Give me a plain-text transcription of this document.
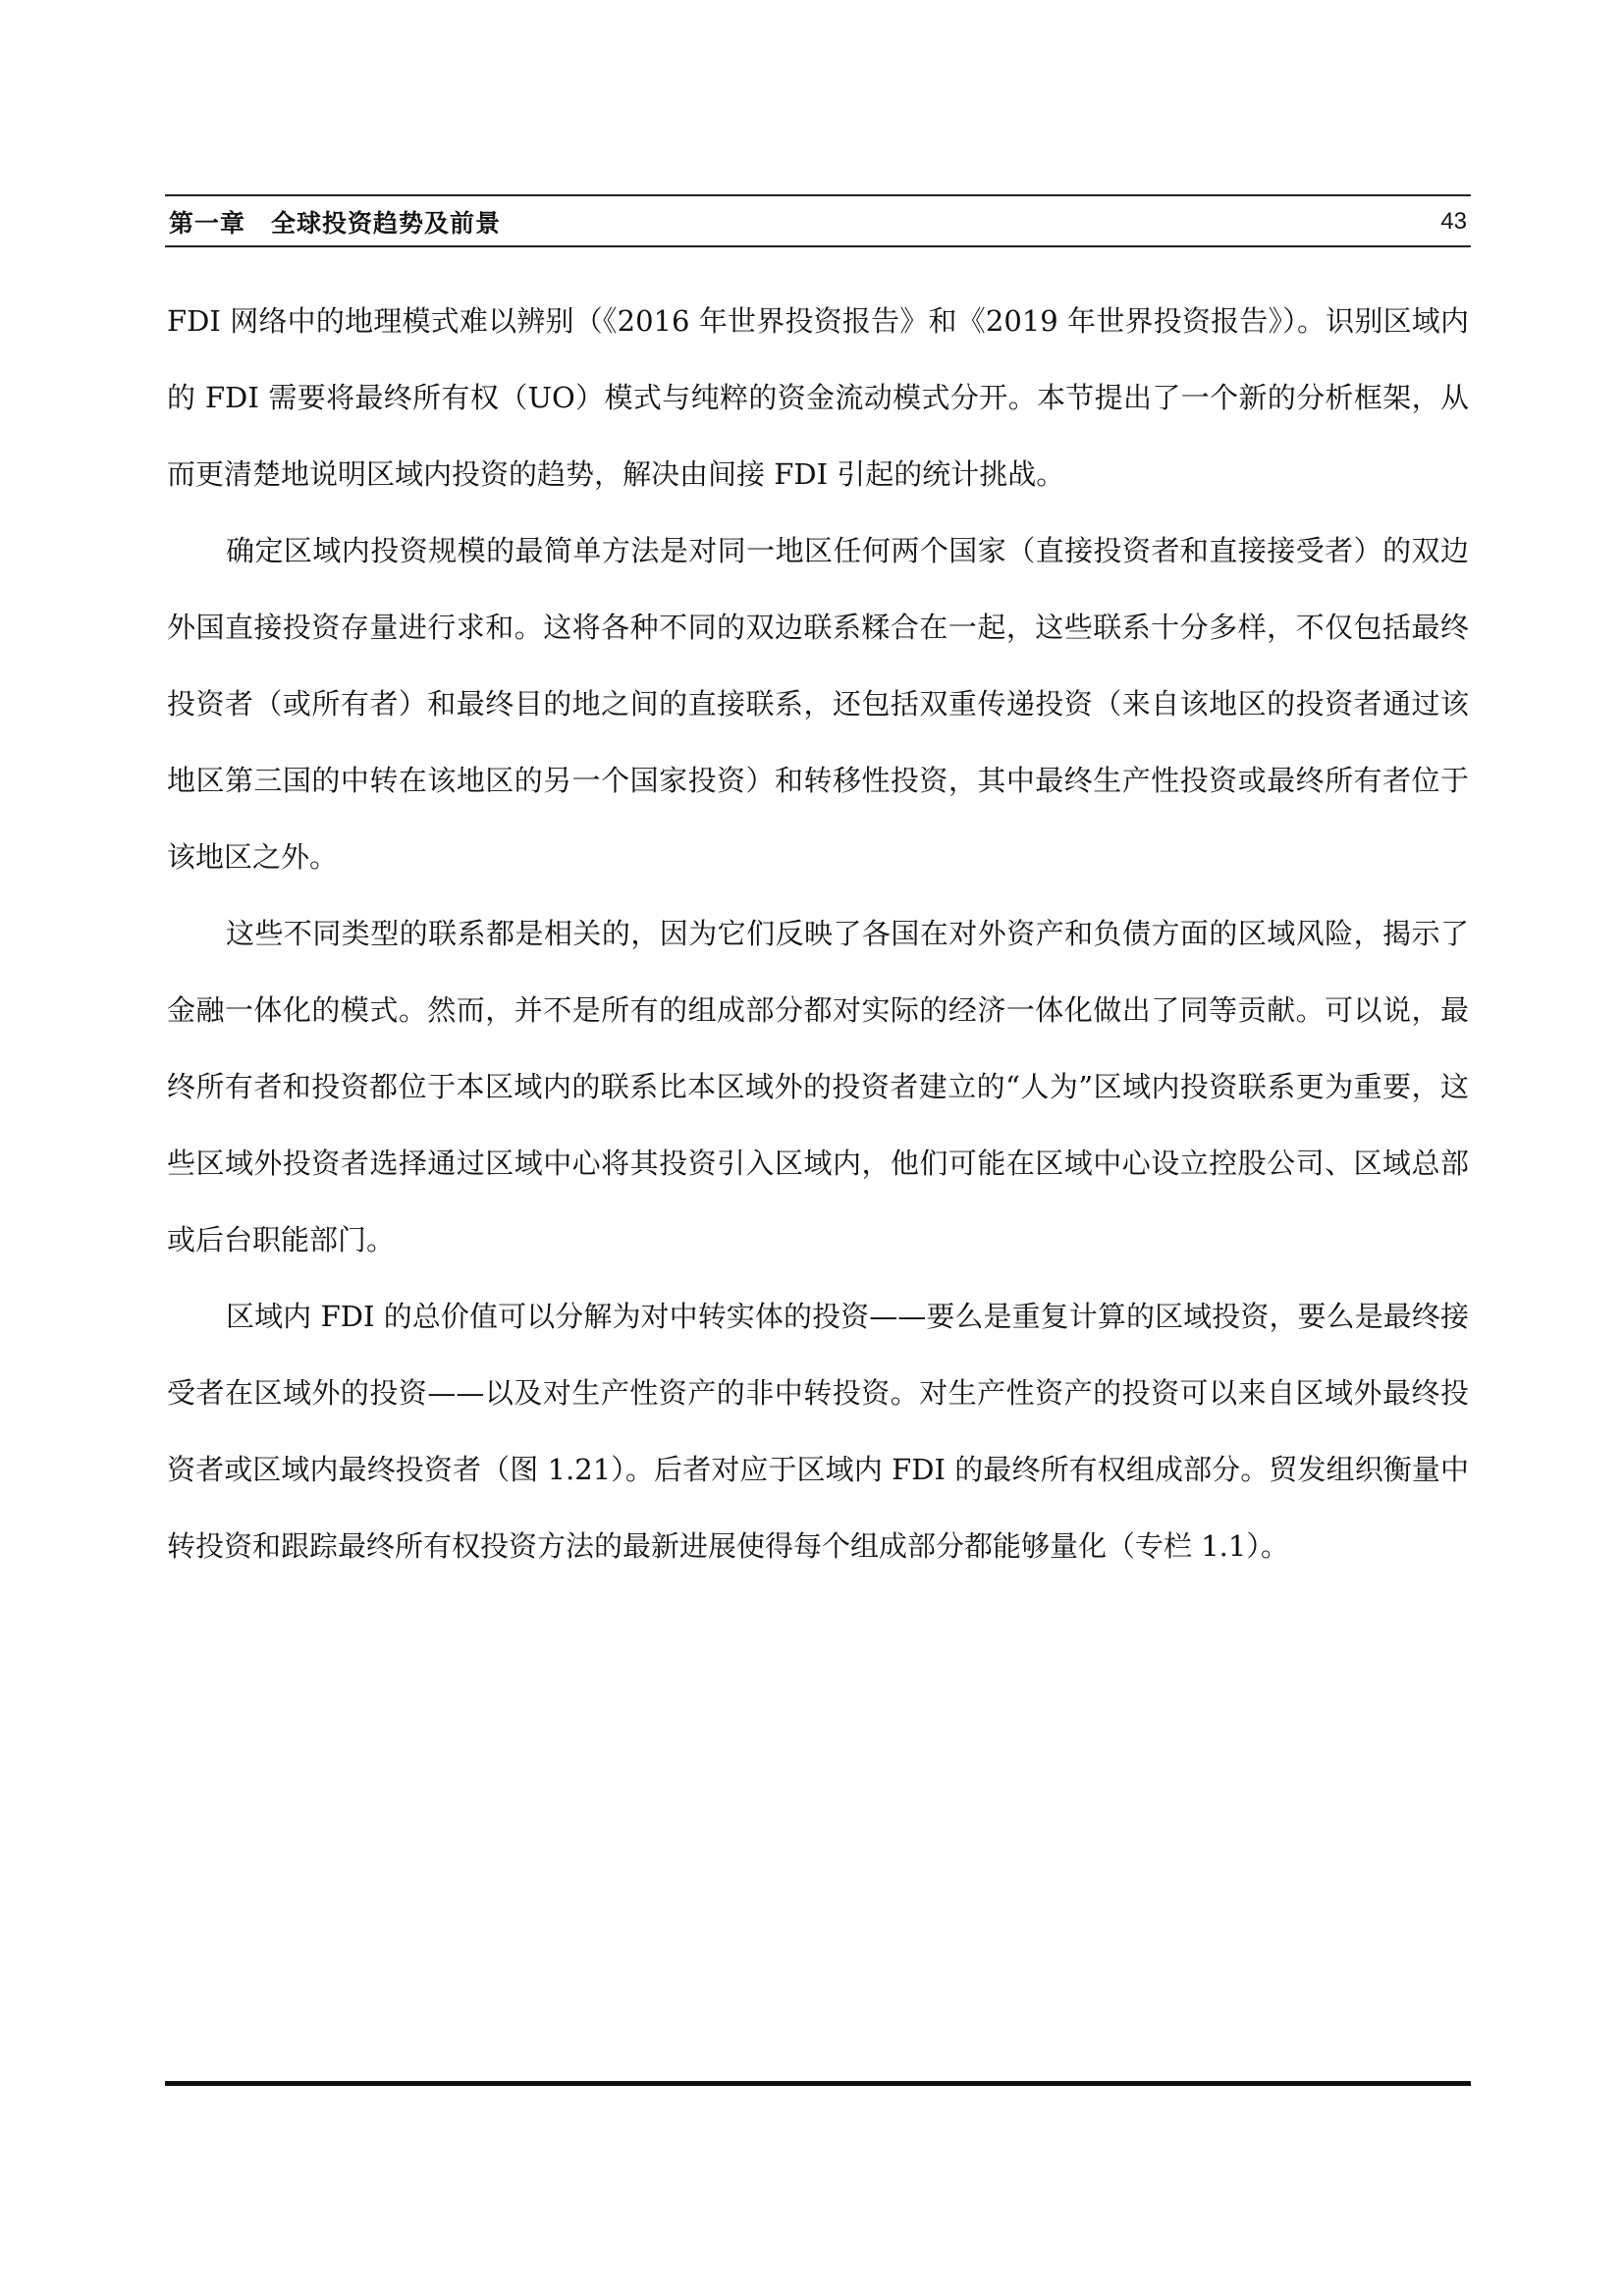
第一章　全球投资趋势及前景	43

FDI 网络中的地理模式难以辨别（《2016 年世界投资报告》和《2019 年世界投资报告》）。识别区域内的 FDI 需要将最终所有权（UO）模式与纯粹的资金流动模式分开。本节提出了一个新的分析框架，从而更清楚地说明区域内投资的趋势，解决由间接 FDI 引起的统计挑战。

确定区域内投资规模的最简单方法是对同一地区任何两个国家（直接投资者和直接接受者）的双边外国直接投资存量进行求和。这将各种不同的双边联系糅合在一起，这些联系十分多样，不仅包括最终投资者（或所有者）和最终目的地之间的直接联系，还包括双重传递投资（来自该地区的投资者通过该地区第三国的中转在该地区的另一个国家投资）和转移性投资，其中最终生产性投资或最终所有者位于该地区之外。

这些不同类型的联系都是相关的，因为它们反映了各国在对外资产和负债方面的区域风险，揭示了金融一体化的模式。然而，并不是所有的组成部分都对实际的经济一体化做出了同等贡献。可以说，最终所有者和投资都位于本区域内的联系比本区域外的投资者建立的“人为”区域内投资联系更为重要，这些区域外投资者选择通过区域中心将其投资引入区域内，他们可能在区域中心设立控股公司、区域总部或后台职能部门。

区域内 FDI 的总价值可以分解为对中转实体的投资——要么是重复计算的区域投资，要么是最终接受者在区域外的投资——以及对生产性资产的非中转投资。对生产性资产的投资可以来自区域外最终投资者或区域内最终投资者（图 1.21）。后者对应于区域内 FDI 的最终所有权组成部分。贸发组织衡量中转投资和跟踪最终所有权投资方法的最新进展使得每个组成部分都能够量化（专栏 1.1）。
